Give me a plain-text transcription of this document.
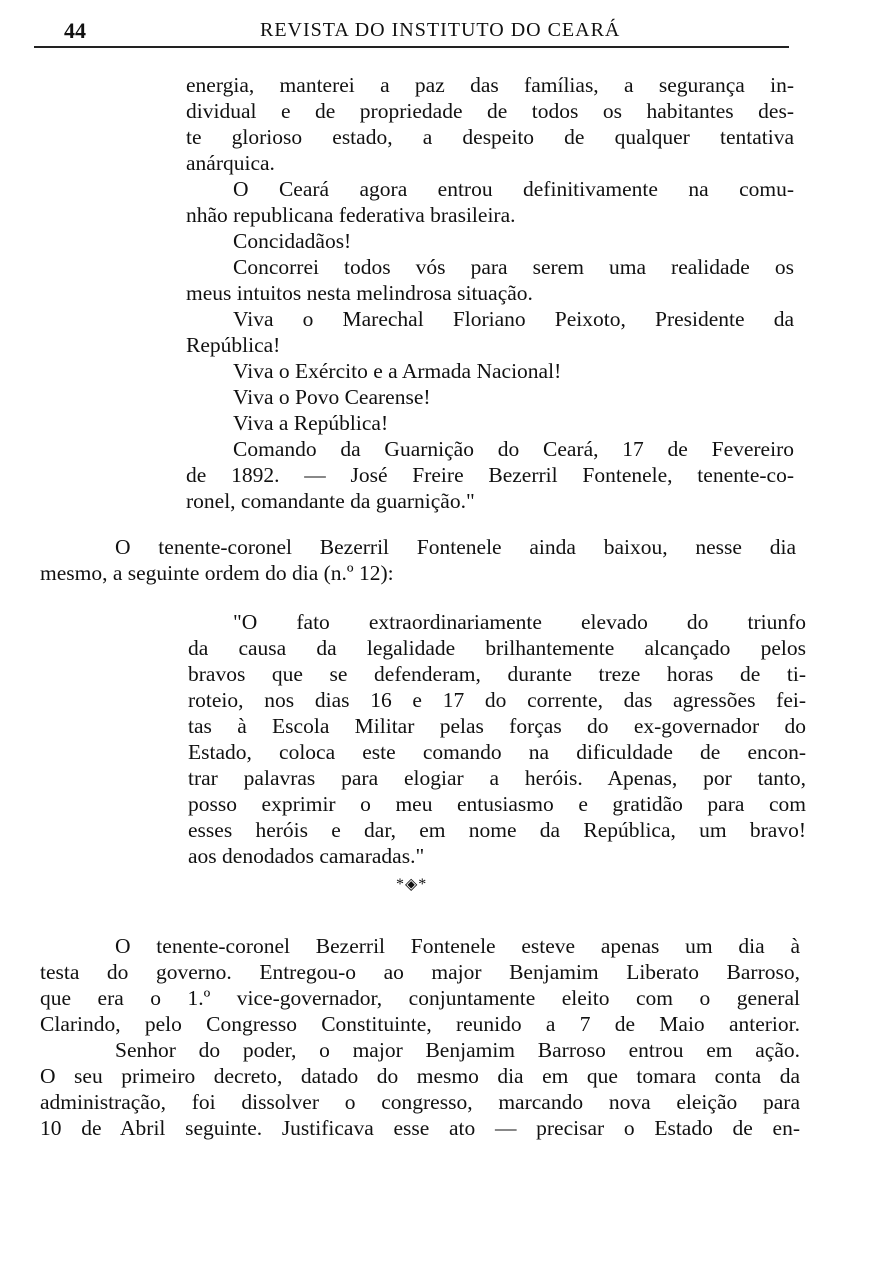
44	REVISTA DO INSTITUTO DO CEARÁ
energia, manterei a paz das famílias, a segurança in-
dividual e de propriedade de todos os habitantes des-
te glorioso estado, a despeito de qualquer tentativa
anárquica.
O Ceará agora entrou definitivamente na comu-
nhão republicana federativa brasileira.
Concidadãos!
Concorrei todos vós para serem uma realidade os
meus intuitos nesta melindrosa situação.
Viva o Marechal Floriano Peixoto, Presidente da
República!
Viva o Exército e a Armada Nacional!
Viva o Povo Cearense!
Viva a República!
Comando da Guarnição do Ceará, 17 de Fevereiro
de 1892. — José Freire Bezerril Fontenele, tenente-co-
ronel, comandante da guarnição."
O tenente-coronel Bezerril Fontenele ainda baixou, nesse dia
mesmo, a seguinte ordem do dia (n.º 12):
"O fato extraordinariamente elevado do triunfo
da causa da legalidade brilhantemente alcançado pelos
bravos que se defenderam, durante treze horas de ti-
roteio, nos dias 16 e 17 do corrente, das agressões fei-
tas à Escola Militar pelas forças do ex-governador do
Estado, coloca este comando na dificuldade de encon-
trar palavras para elogiar a heróis. Apenas, por tanto,
posso exprimir o meu entusiasmo e gratidão para com
esses heróis e dar, em nome da República, um bravo!
aos denodados camaradas."
*◈*
O tenente-coronel Bezerril Fontenele esteve apenas um dia à
testa do governo. Entregou-o ao major Benjamim Liberato Barroso,
que era o 1.º vice-governador, conjuntamente eleito com o general
Clarindo, pelo Congresso Constituinte, reunido a 7 de Maio anterior.
Senhor do poder, o major Benjamim Barroso entrou em ação.
O seu primeiro decreto, datado do mesmo dia em que tomara conta da
administração, foi dissolver o congresso, marcando nova eleição para
10 de Abril seguinte. Justificava esse ato — precisar o Estado de en-
